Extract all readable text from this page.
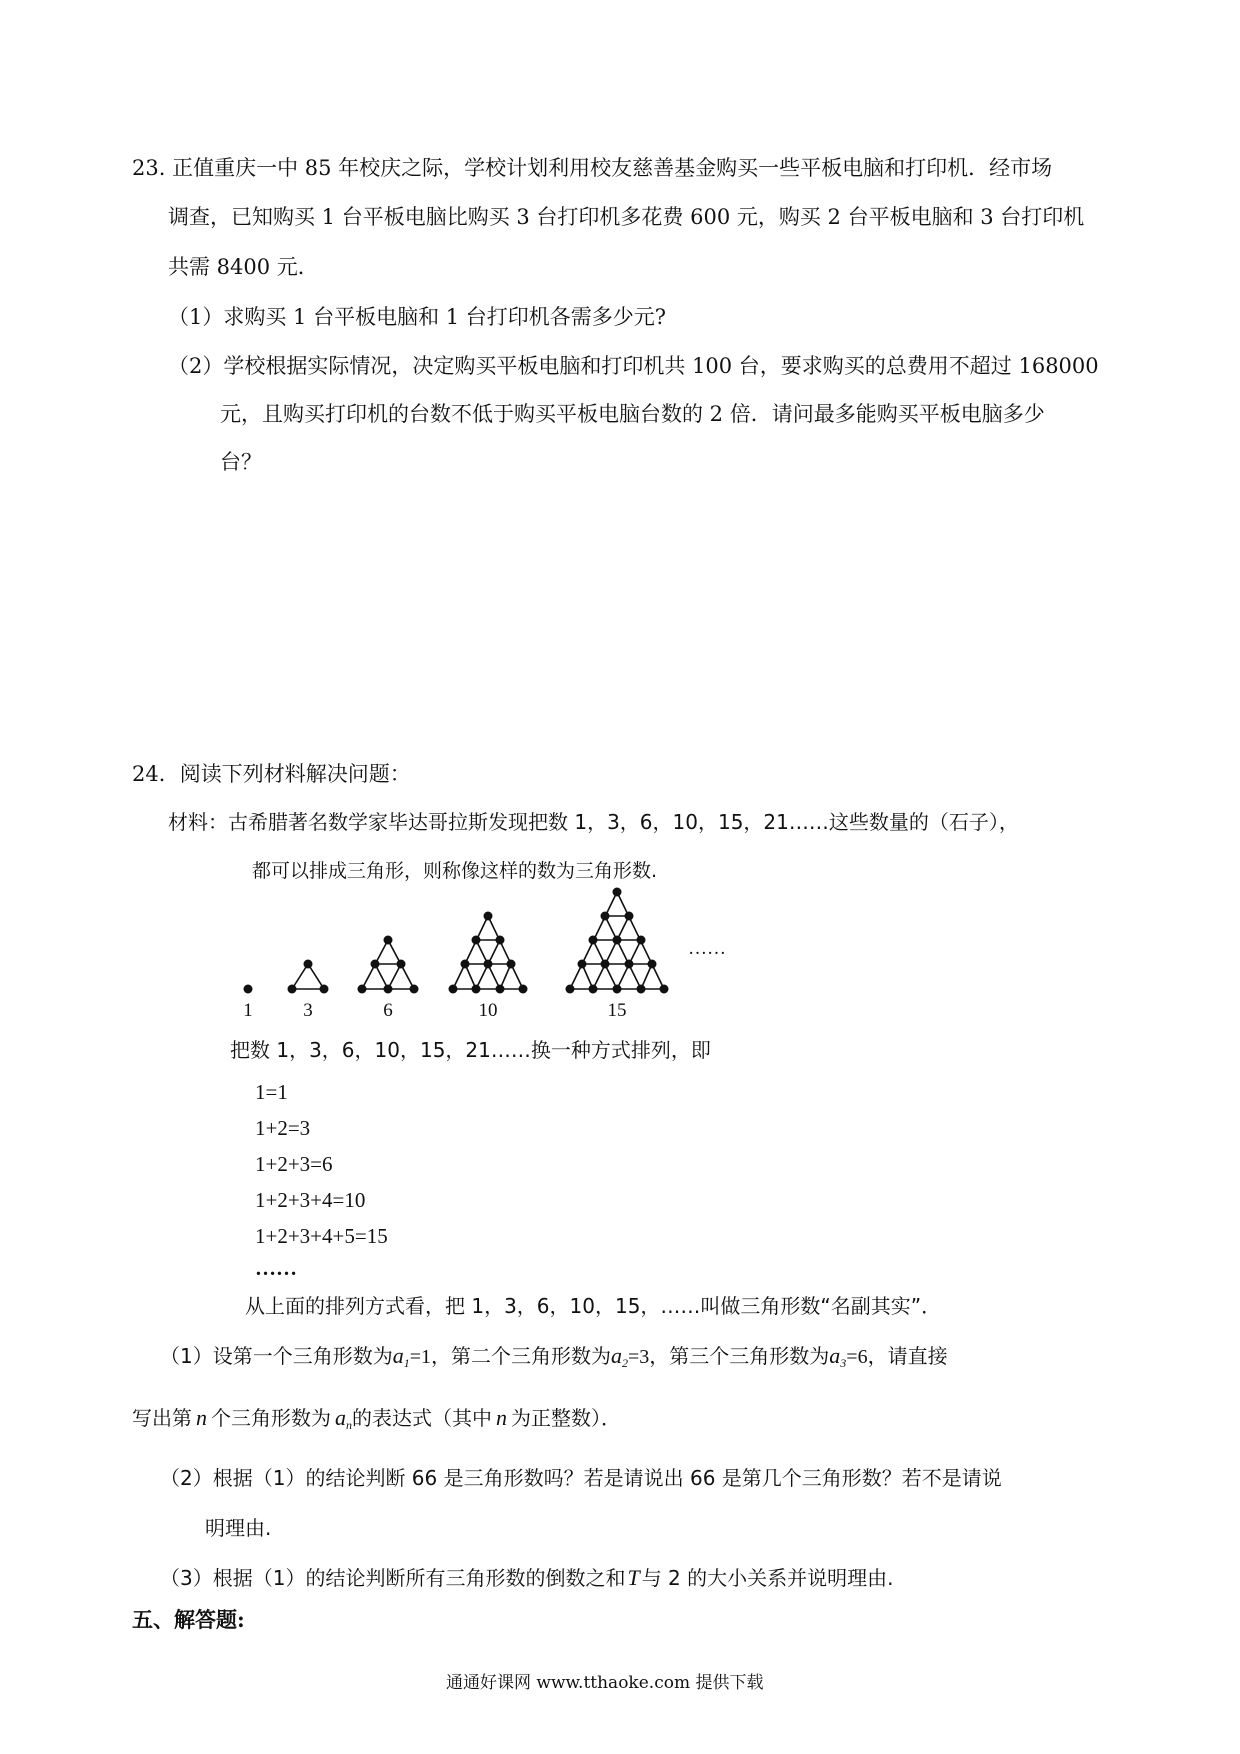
23. 正值重庆一中 85 年校庆之际，学校计划利用校友慈善基金购买一些平板电脑和打印机．经市场
调查，已知购买 1 台平板电脑比购买 3 台打印机多花费 600 元，购买 2 台平板电脑和 3 台打印机
共需 8400 元．
（1）求购买 1 台平板电脑和 1 台打印机各需多少元?
（2）学校根据实际情况，决定购买平板电脑和打印机共 100 台，要求购买的总费用不超过 168000
元，且购买打印机的台数不低于购买平板电脑台数的 2 倍．请问最多能购买平板电脑多少
台？
24．阅读下列材料解决问题：
材料：古希腊著名数学家毕达哥拉斯发现把数 1，3，6，10，15，21……这些数量的（石子），
都可以排成三角形，则称像这样的数为三角形数.
1	3	6	10	15
……
把数 1，3，6，10，15，21……换一种方式排列，即
1=1
1+2=3
1+2+3=6
1+2+3+4=10
1+2+3+4+5=15
……
从上面的排列方式看，把 1，3，6，10，15，……叫做三角形数“名副其实”．
（1）设第一个三角形数为$a_1=1$，第二个三角形数为$a_2=3$，第三个三角形数为$a_3=6$，请直接
写出第 n 个三角形数为 $a_n$的表达式（其中 n 为正整数）．
（2）根据（1）的结论判断 66 是三角形数吗？若是请说出 66 是第几个三角形数？若不是请说
明理由.
（3）根据（1）的结论判断所有三角形数的倒数之和T 与 2 的大小关系并说明理由.
五、解答题:
通通好课网 www.tthaoke.com 提供下载
